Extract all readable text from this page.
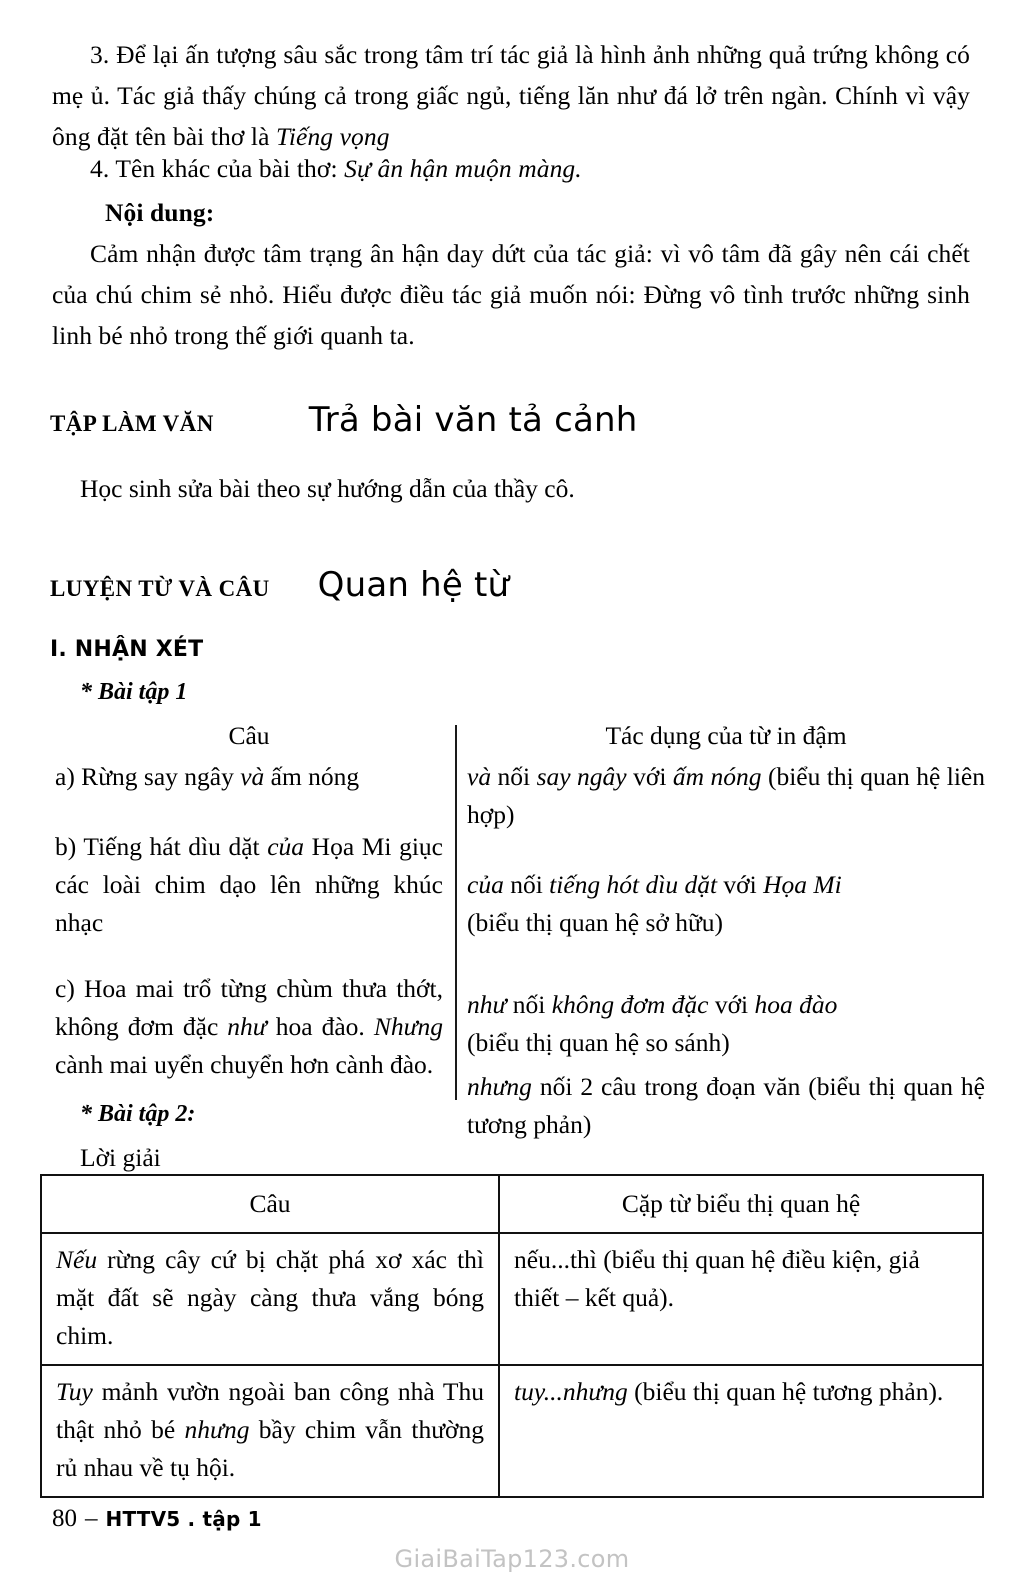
3. Để lại ấn tượng sâu sắc trong tâm trí tác giả là hình ảnh những quả trứng không có mẹ ủ. Tác giả thấy chúng cả trong giấc ngủ, tiếng lăn như đá lở trên ngàn. Chính vì vậy ông đặt tên bài thơ là Tiếng vọng
4. Tên khác của bài thơ: Sự ân hận muộn màng.
Nội dung:
Cảm nhận được tâm trạng ân hận day dứt của tác giả: vì vô tâm đã gây nên cái chết của chú chim sẻ nhỏ. Hiểu được điều tác giả muốn nói: Đừng vô tình trước những sinh linh bé nhỏ trong thế giới quanh ta.
TẬP LÀM VĂN	Trả bài văn tả cảnh
Học sinh sửa bài theo sự hướng dẫn của thầy cô.
LUYỆN TỪ VÀ CÂU Quan hệ từ
I. NHẬN XÉT
* Bài tập 1
Câu
a) Rừng say ngây và ấm nóng
b) Tiếng hát dìu dặt của Họa Mi giục các loài chim dạo lên những khúc nhạc
c) Hoa mai trổ từng chùm thưa thớt, không đơm đặc như hoa đào. Nhưng cành mai uyển chuyển hơn cành đào.
Tác dụng của từ in đậm
và nối say ngây với ấm nóng (biểu thị quan hệ liên hợp)
của nối tiếng hót dìu dặt với Họa Mi
(biểu thị quan hệ sở hữu)
như nối không đơm đặc với hoa đào
(biểu thị quan hệ so sánh)
nhưng nối 2 câu trong đoạn văn (biểu thị quan hệ tương phản)
* Bài tập 2:
Lời giải
Câu	Cặp từ biểu thị quan hệ
Nếu rừng cây cứ bị chặt phá xơ xác thì mặt đất sẽ ngày càng thưa vắng bóng chim.
nếu...thì (biểu thị quan hệ điều kiện, giả thiết – kết quả).
Tuy mảnh vườn ngoài ban công nhà Thu thật nhỏ bé nhưng bầy chim vẫn thường rủ nhau về tụ hội.
tuy...nhưng (biểu thị quan hệ tương phản).
80 – HTTV5 . tập 1
GiaiBaiTap123.com
